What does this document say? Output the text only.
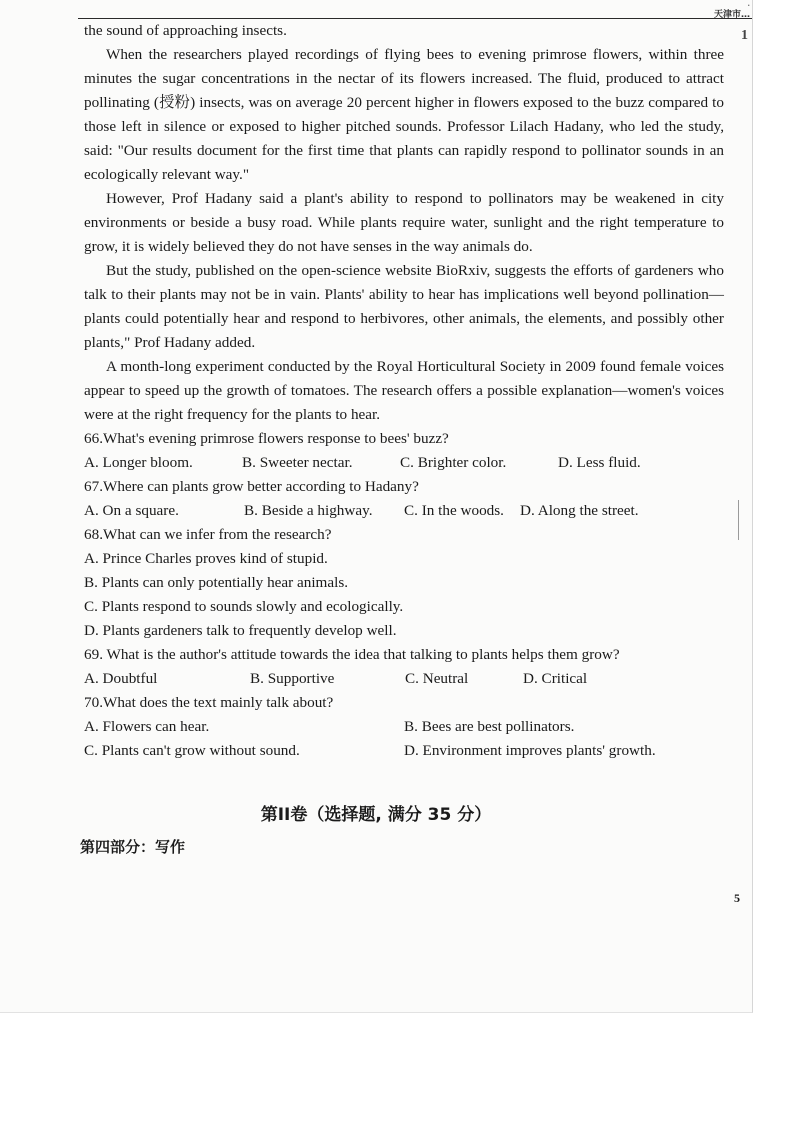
·
天津市…
1

the sound of approaching insects.

When the researchers played recordings of flying bees to evening primrose flowers, within three minutes the sugar concentrations in the nectar of its flowers increased. The fluid, produced to attract pollinating (授粉) insects, was on average 20 percent higher in flowers exposed to the buzz compared to those left in silence or exposed to higher pitched sounds. Professor Lilach Hadany, who led the study, said: "Our results document for the first time that plants can rapidly respond to pollinator sounds in an ecologically relevant way."

However, Prof Hadany said a plant's ability to respond to pollinators may be weakened in city environments or beside a busy road. While plants require water, sunlight and the right temperature to grow, it is widely believed they do not have senses in the way animals do.

But the study, published on the open-science website BioRxiv, suggests the efforts of gardeners who talk to their plants may not be in vain. Plants' ability to hear has implications well beyond pollination—plants could potentially hear and respond to herbivores, other animals, the elements, and possibly other plants," Prof Hadany added.

A month-long experiment conducted by the Royal Horticultural Society in 2009 found female voices appear to speed up the growth of tomatoes. The research offers a possible explanation—women's voices were at the right frequency for the plants to hear.

66.What's evening primrose flowers response to bees' buzz?

A. Longer bloom.	B. Sweeter nectar.	C. Brighter color.	D. Less fluid.

67.Where can plants grow better according to Hadany?

A. On a square.	B. Beside a highway.	C. In the woods.	D. Along the street.

68.What can we infer from the research?

A. Prince Charles proves kind of stupid.

B. Plants can only potentially hear animals.

C. Plants respond to sounds slowly and ecologically.

D. Plants gardeners talk to frequently develop well.

69. What is the author's attitude towards the idea that talking to plants helps them grow?

A. Doubtful	B. Supportive	C. Neutral	D. Critical

70.What does the text mainly talk about?

A. Flowers can hear.	B. Bees are best pollinators.
C. Plants can't grow without sound.	D. Environment improves plants' growth.
第II卷（选择题, 满分 35 分）
第四部分：写作
5
